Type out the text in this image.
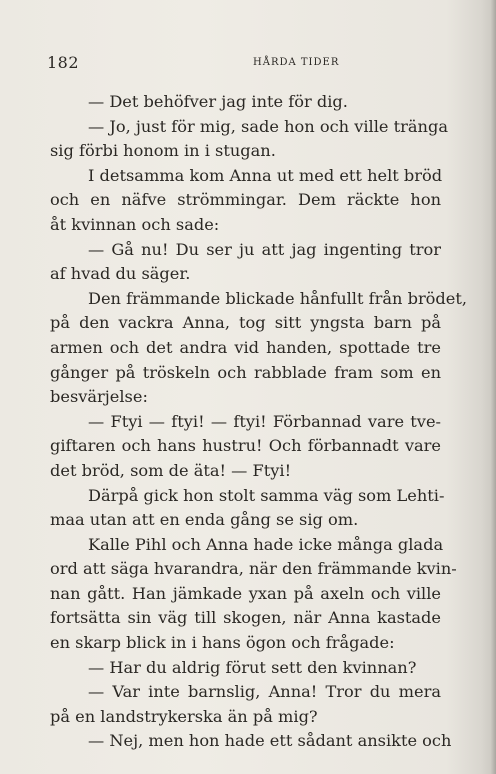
182	HÅRDA TIDER
— Det behöfver jag inte för dig.
— Jo, just för mig, sade hon och ville tränga
sig förbi honom in i stugan.
I detsamma kom Anna ut med ett helt bröd
och en näfve strömmingar. Dem räckte hon
åt kvinnan och sade:
— Gå nu! Du ser ju att jag ingenting tror
af hvad du säger.
Den främmande blickade hånfullt från brödet,
på den vackra Anna, tog sitt yngsta barn på
armen och det andra vid handen, spottade tre
gånger på tröskeln och rabblade fram som en
besvärjelse:
— Ftyi — ftyi! — ftyi! Förbannad vare tve-
giftaren och hans hustru! Och förbannadt vare
det bröd, som de äta! — Ftyi!
Därpå gick hon stolt samma väg som Lehti-
maa utan att en enda gång se sig om.
Kalle Pihl och Anna hade icke många glada
ord att säga hvarandra, när den främmande kvin-
nan gått. Han jämkade yxan på axeln och ville
fortsätta sin väg till skogen, när Anna kastade
en skarp blick in i hans ögon och frågade:
— Har du aldrig förut sett den kvinnan?
— Var inte barnslig, Anna! Tror du mera
på en landstrykerska än på mig?
— Nej, men hon hade ett sådant ansikte och
